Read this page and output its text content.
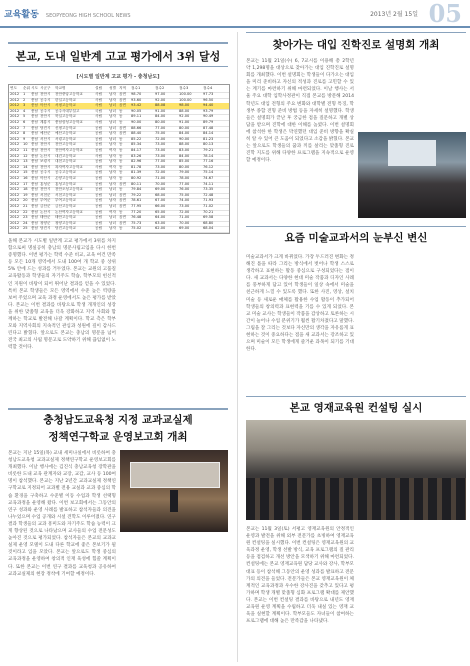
교육활동 SEOPYEONG HIGH SCHOOL NEWS	2013년 2월 15일 05
본교, 도내 일반계 고교 평가에서 3위 달성
[시도별 일반계 고교 평가 - 충청남도]
연도	순위 시도 시군구	학교명	설립	성별 지역	점수1	점수2	점수3	점수4
2012	1	충남 천안시	천안중앙고등학교	사립	남자 읍면	98.70	97.00	100.00	97.73
2012	2	충남 공주시	한일고등학교	사립	남자 읍면	93.60	92.00	100.00	96.50
2012	3	충남 아산시	서평고등학교	사립	남녀 읍면	93.42	88.08	98.00	94.40
2012	4	충남 공주시	공주사대부설고	국립	남녀 동	90.05	91.00	88.00	93.79
2012	5	충남 천안시	북일고등학교	사립	남자 동	89.11	84.00	92.00	90.49
2012	6	충남 계룡시	충남삼성고등학교	사립	남녀 동	90.00	80.00	91.00	89.79
2012	7	충남 당진시	신평고등학교	공립	남녀 읍면	88.66	77.00	80.00	87.48
2012	8	충남 예산군	예산고등학교	공립	남자 읍면	88.40	75.00	84.00	84.14
2012	9	충남 서산시	서령고등학교	공립	남녀 동	85.22	72.00	90.00	81.23
2012	10 충남 천안시	천안고등학교	공립	남자 동	85.34	73.00	88.00	80.13
2012	11 충남 천안시	천안여자고등학교	공립	여자 동	84.17	73.00	83.00	79.21
2012	12 충남 논산시	대건고등학교	사립	남자 동	83.26	73.00	84.00	78.14
2012	13 충남 보령시	대천고등학교	공립	남자 동	82.96	77.00	85.00	77.16
2012	14 충남 천안시	복자여자고등학교	사립	여자 동	81.78	73.00	80.00	76.12
2012	15 충남 공주시	공주고등학교	공립	남자 동	81.39	72.00	79.00	75.14
2012	16 충남 아산시	온양고등학교	공립	남자 동	80.92	71.00	78.00	74.67
2012	17 충남 홍성군	홍성고등학교	공립	남자 읍면	80.11	70.00	77.00	74.11
2012	18 충남 천안시	천안오성고등학교	공립	남녀 동	79.84	69.00	76.00	73.35
2012	19 충남 서천군	서천고등학교	공립	남녀 읍면	79.22	68.00	75.00	72.48
2012	20 충남 부여군	부여고등학교	공립	남자 읍면	78.61	67.00	74.00	71.93
2012	21 충남 금산군	금산고등학교	공립	남녀 읍면	77.95	66.00	73.00	71.02
2012	22 충남 논산시	논산여자고등학교	공립	여자 동	77.20	65.00	72.00	70.21
2012	23 충남 태안군	태안고등학교	공립	남녀 읍면	76.48	64.00	71.00	69.58
2012	24 충남 청양군	청양고등학교	공립	남녀 읍면	75.73	63.00	70.00	68.80
2012	25 충남 당진시	당진고등학교	공립	남자 동	75.02	62.00	69.00	68.04
올해 본교가 시도별 일반계 고교 평가에서 3위를 차지함으로써 명실공히 충남의 명문사립고임을 다시 한번 증명했다. 이번 평가는 학력 수준 비교, 교육 여건 만족 등 모든 10개 영역에서 도내 100여 개 학교 중 상위 5% 안에 드는 성과를 거두었다. 본교는 교원의 고품질 교육활동과 학생들의 자기주도 학습, 학부모의 헌신적인 지원이 바탕이 되어 뛰어난 결과를 얻을 수 있었다. 특히 본교 학생들은 모든 영역에서 수준 높은 역량을 보여 주었으며 교육 과정 운영에서도 높은 평가를 받았다. 본교는 이번 결과를 바탕으로 학생 개개인의 성장을 위한 맞춤형 교육을 더욱 강화하고 지역 사회와 함께하는 학교로 발전해 나갈 계획이다. 학교 측은 학부모와 지역사회의 지속적인 관심과 성원에 깊이 감사드린다고 밝혔다. 앞으로도 본교는 충남의 명문을 넘어 전국 최고의 사립 명문고로 도약하기 위해 끊임없이 노력할 것이다.
충청남도교육청 지정 교과교실제
정책연구학교 운영보고회 개최
본교는 지난 15일(목) 교내 세미나실에서 비롯하여 충청남도교육청 교과교실제 정책연구학교 운영보고회를 개최했다. 이날 행사에는 김진식 충남교육청 장학관을 비롯한 도내 교육 관계자와 교장, 교감, 교사 등 100여 명이 참석했다. 본교는 지난 2년간 교과교실제 정책연구학교로 지정되어 교과별 전용 교실과 교과 중심의 학습 환경을 구축하고 수준별 이동 수업과 학생 선택형 교육과정을 운영해 왔다. 이번 보고회에서는 그동안의 연구 성과와 운영 사례를 발표하고 참석자들과 의견을 나누었으며 수업 공개와 시설 견학도 이루어졌다. 연구 결과 학생들의 교과 흥미도와 자기주도 학습 능력이 크게 향상된 것으로 나타났으며 교사들의 수업 전문성도 높아진 것으로 평가되었다. 참석자들은 본교의 교과교실제 운영 모델이 도내 다른 학교에 좋은 본보기가 될 것이라고 입을 모았다. 본교는 앞으로도 학생 중심의 교육과정을 운영하여 창의적 인재 육성에 힘쓸 계획이다. 또한 본교는 이번 연구 결과를 교육청과 공유하여 교과교실제의 현장 정착에 기여할 예정이다.
찾아가는 대입 진학진로 설명회 개최
본교는 11월 21일(수) 6, 7교시를 이용해 총 2학년 약 1,298명을 대상으로 찾아가는 대입 진학진로 설명회를 개최했다. 이번 설명회는 학생들이 다가오는 대입을 미리 준비하고 자신의 적성과 진로를 고민할 수 있는 계기를 마련하기 위해 마련되었다. 이날 행사는 서울 주요 대학 입학사정관이 직접 본교를 방문해 2014학년도 대입 전형의 주요 변화와 대학별 전형 특징, 학생부 종합 전형 준비 방법 등을 자세히 설명했다. 학생들은 설명회가 끝난 후 궁금한 점을 질문하고 개별 상담을 받으며 진학에 대한 이해를 높였다. 이번 설명회에 참석한 한 학생은 막연했던 대입 준비 방향을 확실히 알 수 있어 큰 도움이 되었다고 소감을 밝혔다. 본교는 앞으로도 학생들의 꿈과 끼를 살리는 맞춤형 진로 진학 지도를 위해 다양한 프로그램을 지속적으로 운영할 예정이다.
요즘 미술교과서의 눈부신 변신
미술교과서가 크게 바뀌었다. 가장 두드러진 변화는 정해진 틀을 따라 그리는 방식에서 벗어나 학생 스스로 생각하고 표현하는 활동 중심으로 구성되었다는 점이다. 새 교과서는 다양한 현대 미술 작품과 디자인 사례를 풍부하게 담고 있어 학생들이 일상 속에서 미술을 친근하게 느낄 수 있도록 했다. 또한 사진, 영상, 설치 미술 등 새로운 매체를 활용한 수업 활동이 추가되어 학생들의 창의력과 표현력을 기를 수 있게 되었다. 본교 미술 교사는 학생들이 작품을 감상하고 토론하는 시간이 늘어나 수업 분위기가 훨씬 활기차졌다고 말했다. 그림을 잘 그리는 것보다 자신만의 생각을 자유롭게 표현하는 것이 중요하다는 점을 새 교과서는 강조하고 있으며 미술이 모든 학생에게 즐거운 과목이 되기를 기대한다.
본교 영재교육원 컨설팅 실시
본교는 11월 3일(토) 서평고 영재교육원의 안정적인 운영과 발전을 위해 외부 전문가를 초빙하여 영재교육원 컨설팅을 실시했다. 이번 컨설팅은 영재교육원의 교육과정 운영, 학생 선발 방식, 교육 프로그램의 질 관리 등을 점검하고 개선 방안을 모색하기 위해 마련되었다. 컨설팅에는 본교 영재교육원 담당 교사와 강사, 학부모 대표 등이 참석해 그동안의 운영 성과를 발표하고 전문가의 의견을 들었다. 전문가들은 본교 영재교육원이 체계적인 교육과정과 우수한 강사진을 갖추고 있다고 평가하며 학생 개별 맞춤형 심화 프로그램 확대를 제안했다. 본교는 이번 컨설팅 결과를 바탕으로 내년도 영재교육원 운영 계획을 수립하고 더욱 내실 있는 영재 교육을 실현할 계획이다. 학부모들도 자녀들이 참여하는 프로그램에 대해 높은 만족감을 나타냈다.
